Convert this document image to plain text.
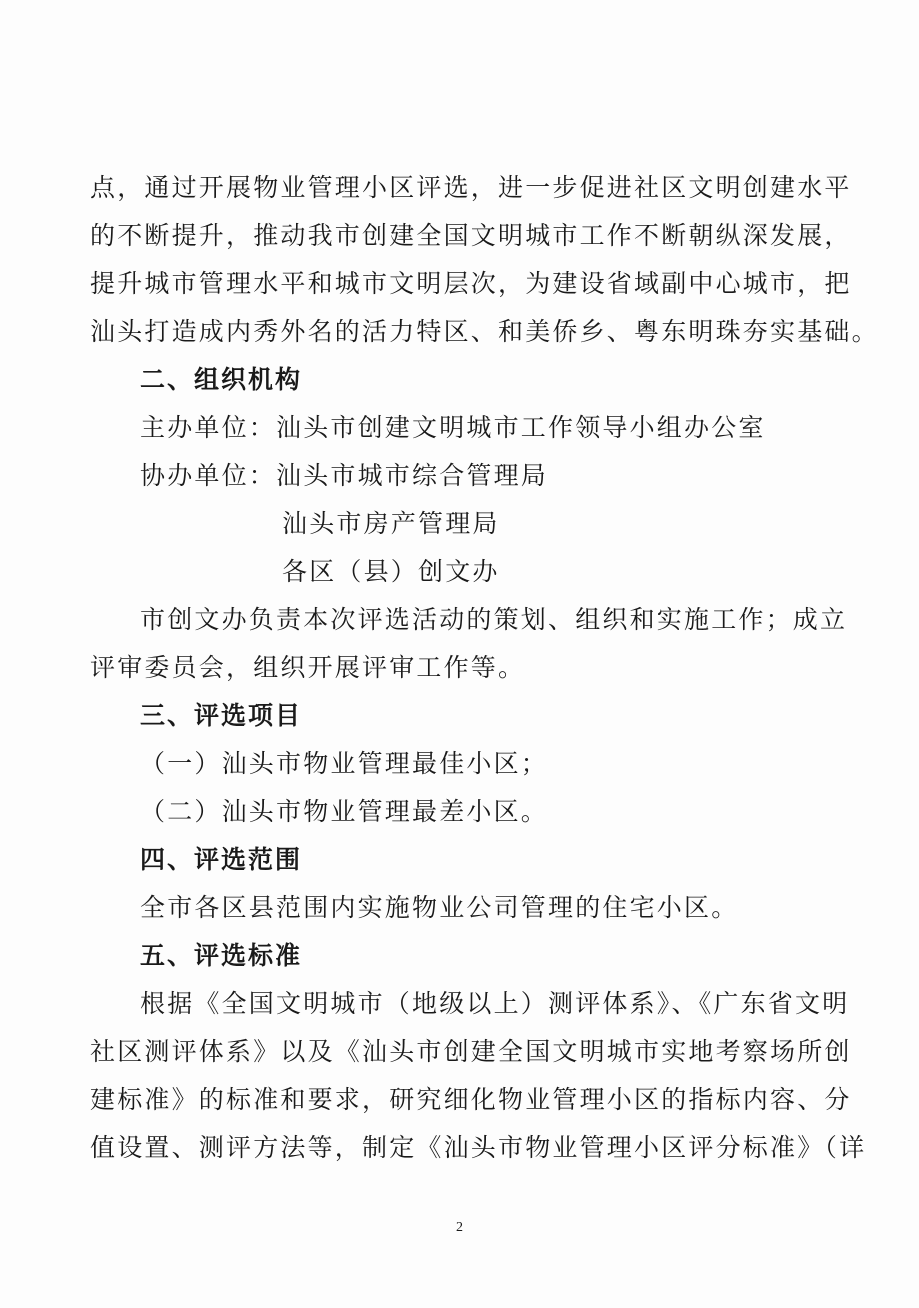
点，通过开展物业管理小区评选，进一步促进社区文明创建水平
的不断提升，推动我市创建全国文明城市工作不断朝纵深发展，
提升城市管理水平和城市文明层次，为建设省域副中心城市，把
汕头打造成内秀外名的活力特区、和美侨乡、粤东明珠夯实基础。
二、组织机构
主办单位：汕头市创建文明城市工作领导小组办公室
协办单位：汕头市城市综合管理局
汕头市房产管理局
各区（县）创文办
市创文办负责本次评选活动的策划、组织和实施工作；成立
评审委员会，组织开展评审工作等。
三、评选项目
（一）汕头市物业管理最佳小区；
（二）汕头市物业管理最差小区。
四、评选范围
全市各区县范围内实施物业公司管理的住宅小区。
五、评选标准
根据《全国文明城市（地级以上）测评体系》、《广东省文明
社区测评体系》以及《汕头市创建全国文明城市实地考察场所创
建标准》的标准和要求，研究细化物业管理小区的指标内容、分
值设置、测评方法等，制定《汕头市物业管理小区评分标准》（详
2
